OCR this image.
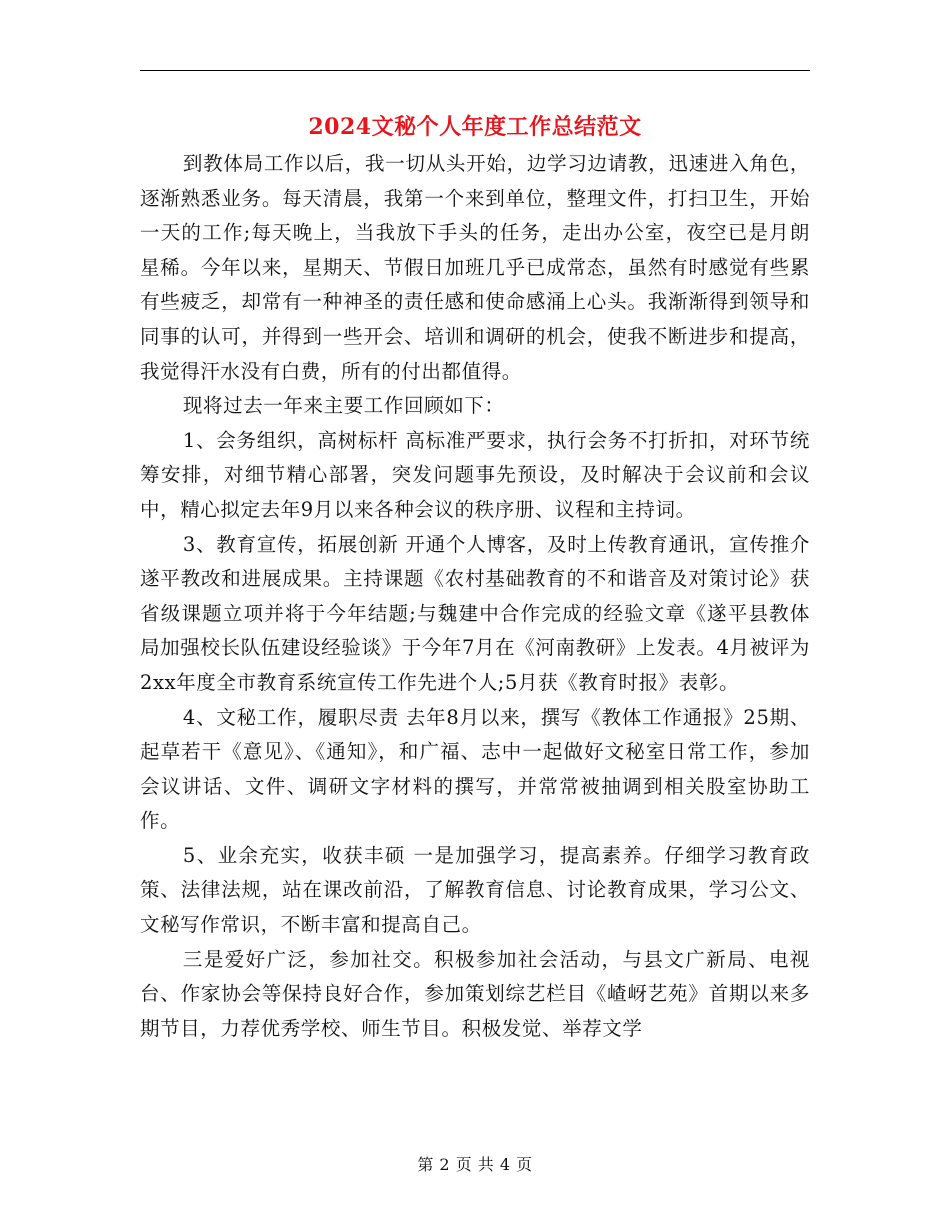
2024文秘个人年度工作总结范文

到教体局工作以后，我一切从头开始，边学习边请教，迅速进入角色，逐渐熟悉业务。每天清晨，我第一个来到单位，整理文件，打扫卫生，开始一天的工作;每天晚上，当我放下手头的任务，走出办公室，夜空已是月朗星稀。今年以来，星期天、节假日加班几乎已成常态，虽然有时感觉有些累有些疲乏，却常有一种神圣的责任感和使命感涌上心头。我渐渐得到领导和同事的认可，并得到一些开会、培训和调研的机会，使我不断进步和提高，我觉得汗水没有白费，所有的付出都值得。

现将过去一年来主要工作回顾如下：

1、会务组织，高树标杆 高标准严要求，执行会务不打折扣，对环节统筹安排，对细节精心部署，突发问题事先预设，及时解决于会议前和会议中，精心拟定去年9月以来各种会议的秩序册、议程和主持词。

3、教育宣传，拓展创新 开通个人博客，及时上传教育通讯，宣传推介遂平教改和进展成果。主持课题《农村基础教育的不和谐音及对策讨论》获省级课题立项并将于今年结题;与魏建中合作完成的经验文章《遂平县教体局加强校长队伍建设经验谈》于今年7月在《河南教研》上发表。4月被评为2xx年度全市教育系统宣传工作先进个人;5月获《教育时报》表彰。

4、文秘工作，履职尽责 去年8月以来，撰写《教体工作通报》25期、起草若干《意见》、《通知》，和广福、志中一起做好文秘室日常工作，参加会议讲话、文件、调研文字材料的撰写，并常常被抽调到相关股室协助工作。

5、业余充实，收获丰硕 一是加强学习，提高素养。仔细学习教育政策、法律法规，站在课改前沿，了解教育信息、讨论教育成果，学习公文、文秘写作常识，不断丰富和提高自己。

三是爱好广泛，参加社交。积极参加社会活动，与县文广新局、电视台、作家协会等保持良好合作，参加策划综艺栏目《嵖岈艺苑》首期以来多期节目，力荐优秀学校、师生节目。积极发觉、举荐文学

第 2 页 共 4 页
